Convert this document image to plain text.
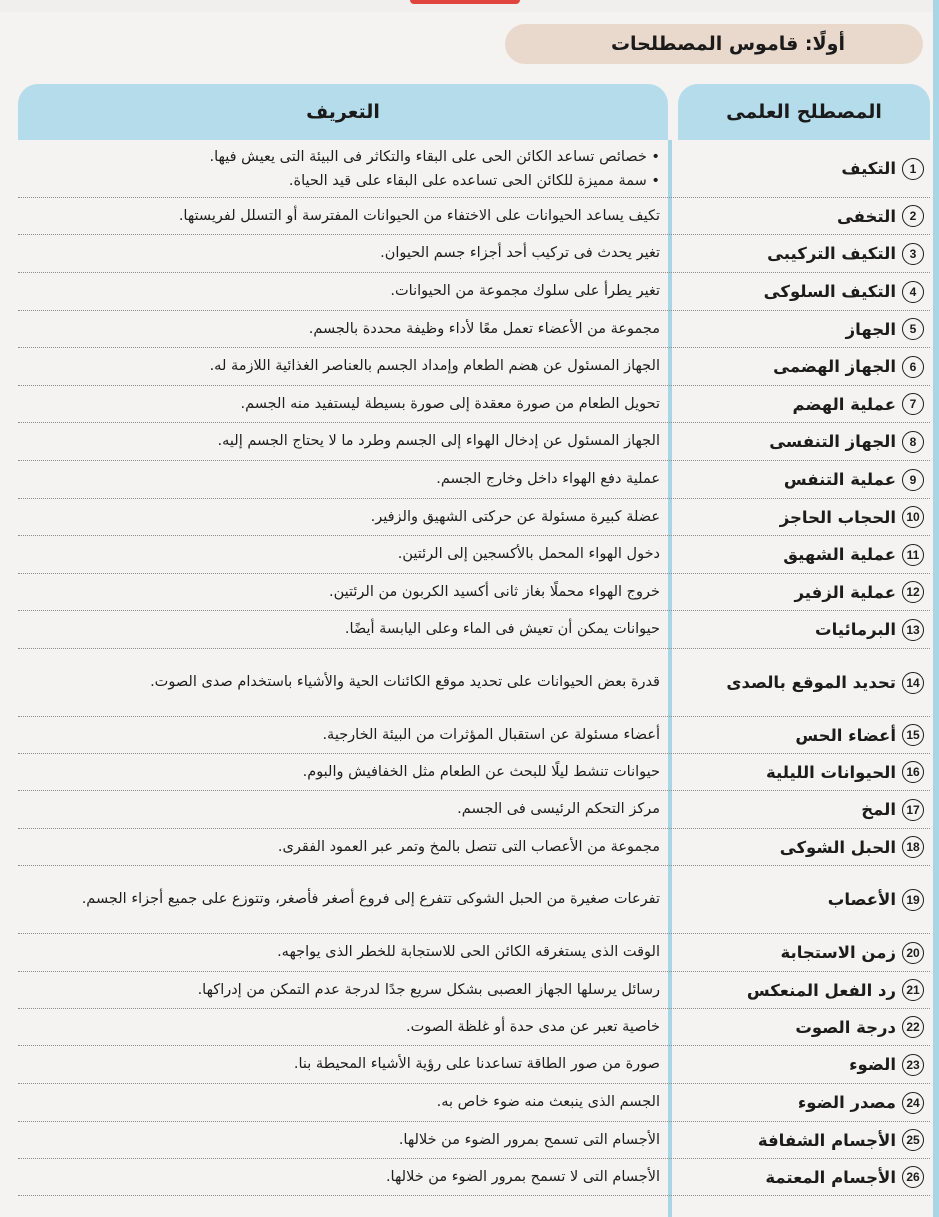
أولًا: قاموس المصطلحات
المصطلح العلمى
التعريف
1
التكيف
• خصائص تساعد الكائن الحى على البقاء والتكاثر فى البيئة التى يعيش فيها.
• سمة مميزة للكائن الحى تساعده على البقاء على قيد الحياة.
2
التخفى
تكيف يساعد الحيوانات على الاختفاء من الحيوانات المفترسة أو التسلل لفريستها.
3
التكيف التركيبى
تغير يحدث فى تركيب أحد أجزاء جسم الحيوان.
4
التكيف السلوكى
تغير يطرأ على سلوك مجموعة من الحيوانات.
5
الجهاز
مجموعة من الأعضاء تعمل معًا لأداء وظيفة محددة بالجسم.
6
الجهاز الهضمى
الجهاز المسئول عن هضم الطعام وإمداد الجسم بالعناصر الغذائية اللازمة له.
7
عملية الهضم
تحويل الطعام من صورة معقدة إلى صورة بسيطة ليستفيد منه الجسم.
8
الجهاز التنفسى
الجهاز المسئول عن إدخال الهواء إلى الجسم وطرد ما لا يحتاج الجسم إليه.
9
عملية التنفس
عملية دفع الهواء داخل وخارج الجسم.
10
الحجاب الحاجز
عضلة كبيرة مسئولة عن حركتى الشهيق والزفير.
11
عملية الشهيق
دخول الهواء المحمل بالأكسجين إلى الرئتين.
12
عملية الزفير
خروج الهواء محملًا بغاز ثانى أكسيد الكربون من الرئتين.
13
البرمائيات
حيوانات يمكن أن تعيش فى الماء وعلى اليابسة أيضًا.
14
تحديد الموقع بالصدى
قدرة بعض الحيوانات على تحديد موقع الكائنات الحية والأشياء باستخدام صدى الصوت.
15
أعضاء الحس
أعضاء مسئولة عن استقبال المؤثرات من البيئة الخارجية.
16
الحيوانات الليلية
حيوانات تنشط ليلًا للبحث عن الطعام مثل الخفافيش والبوم.
17
المخ
مركز التحكم الرئيسى فى الجسم.
18
الحبل الشوكى
مجموعة من الأعصاب التى تتصل بالمخ وتمر عبر العمود الفقرى.
19
الأعصاب
تفرعات صغيرة من الحبل الشوكى تتفرع إلى فروع أصغر فأصغر، وتتوزع على جميع أجزاء الجسم.
20
زمن الاستجابة
الوقت الذى يستغرقه الكائن الحى للاستجابة للخطر الذى يواجهه.
21
رد الفعل المنعكس
رسائل يرسلها الجهاز العصبى بشكل سريع جدًا لدرجة عدم التمكن من إدراكها.
22
درجة الصوت
خاصية تعبر عن مدى حدة أو غلظة الصوت.
23
الضوء
صورة من صور الطاقة تساعدنا على رؤية الأشياء المحيطة بنا.
24
مصدر الضوء
الجسم الذى ينبعث منه ضوء خاص به.
25
الأجسام الشفافة
الأجسام التى تسمح بمرور الضوء من خلالها.
26
الأجسام المعتمة
الأجسام التى لا تسمح بمرور الضوء من خلالها.
